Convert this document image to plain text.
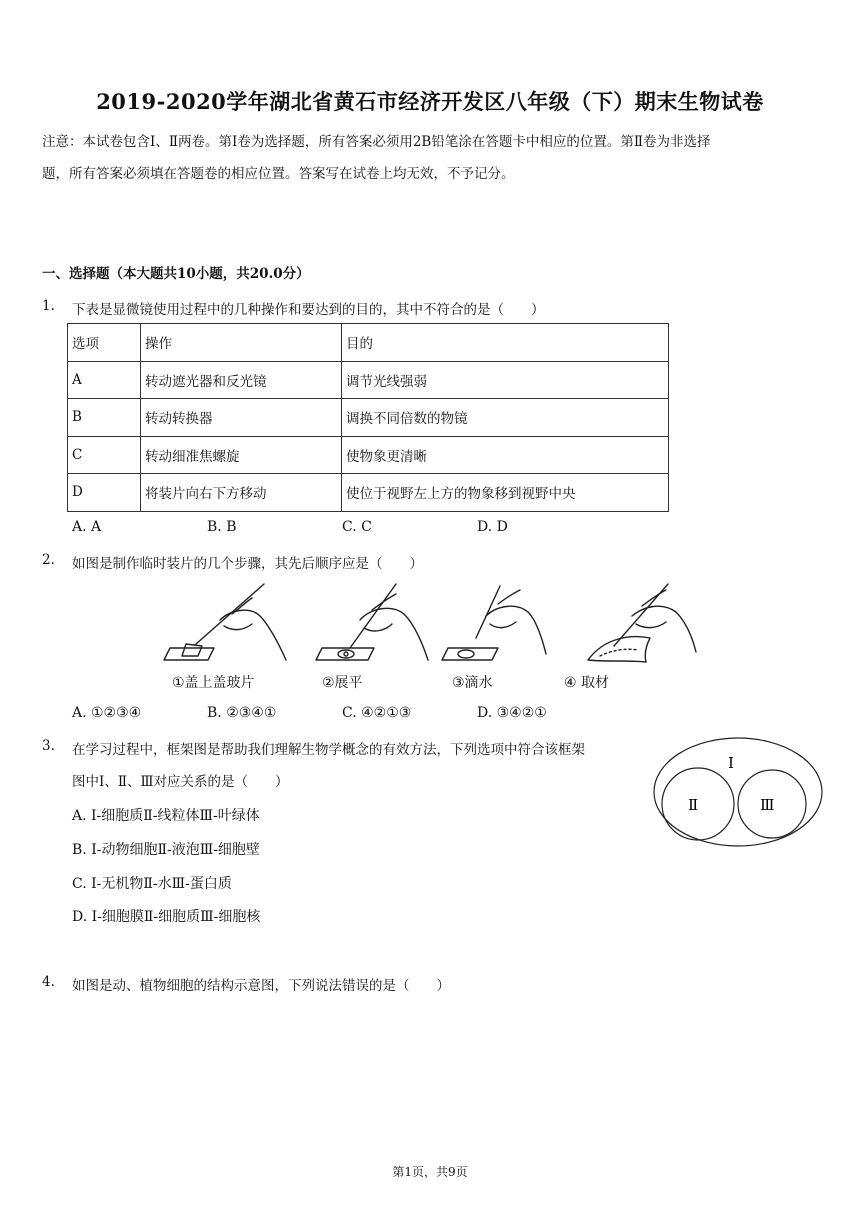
2019-2020学年湖北省黄石市经济开发区八年级（下）期末生物试卷
注意：本试卷包含Ⅰ、Ⅱ两卷。第Ⅰ卷为选择题，所有答案必须用2B铅笔涂在答题卡中相应的位置。第Ⅱ卷为非选择
题，所有答案必须填在答题卷的相应位置。答案写在试卷上均无效，不予记分。
一、选择题（本大题共10小题，共20.0分）
1. 下表是显微镜使用过程中的几种操作和要达到的目的，其中不符合的是（　　）
选项	操作	目的
A	转动遮光器和反光镜	调节光线强弱
B	转动转换器	调换不同倍数的物镜
C	转动细准焦螺旋	使物象更清晰
D	将装片向右下方移动	使位于视野左上方的物象移到视野中央
A. A	B. B	C. C	D. D
2. 如图是制作临时装片的几个步骤，其先后顺序应是（　　）
①盖上盖玻片	②展平	③滴水	④ 取材
A. ①②③④	B. ②③④①	C. ④②①③	D. ③④②①
3. 在学习过程中，框架图是帮助我们理解生物学概念的有效方法，下列选项中符合该框架
图中Ⅰ、Ⅱ、Ⅲ对应关系的是（　　）
A. Ⅰ-细胞质Ⅱ-线粒体Ⅲ-叶绿体
B. Ⅰ-动物细胞Ⅱ-液泡Ⅲ-细胞壁
C. Ⅰ-无机物Ⅱ-水Ⅲ-蛋白质
D. Ⅰ-细胞膜Ⅱ-细胞质Ⅲ-细胞核
Ⅰ
Ⅱ	Ⅲ
4. 如图是动、植物细胞的结构示意图，下列说法错误的是（　　）
第1页，共9页
